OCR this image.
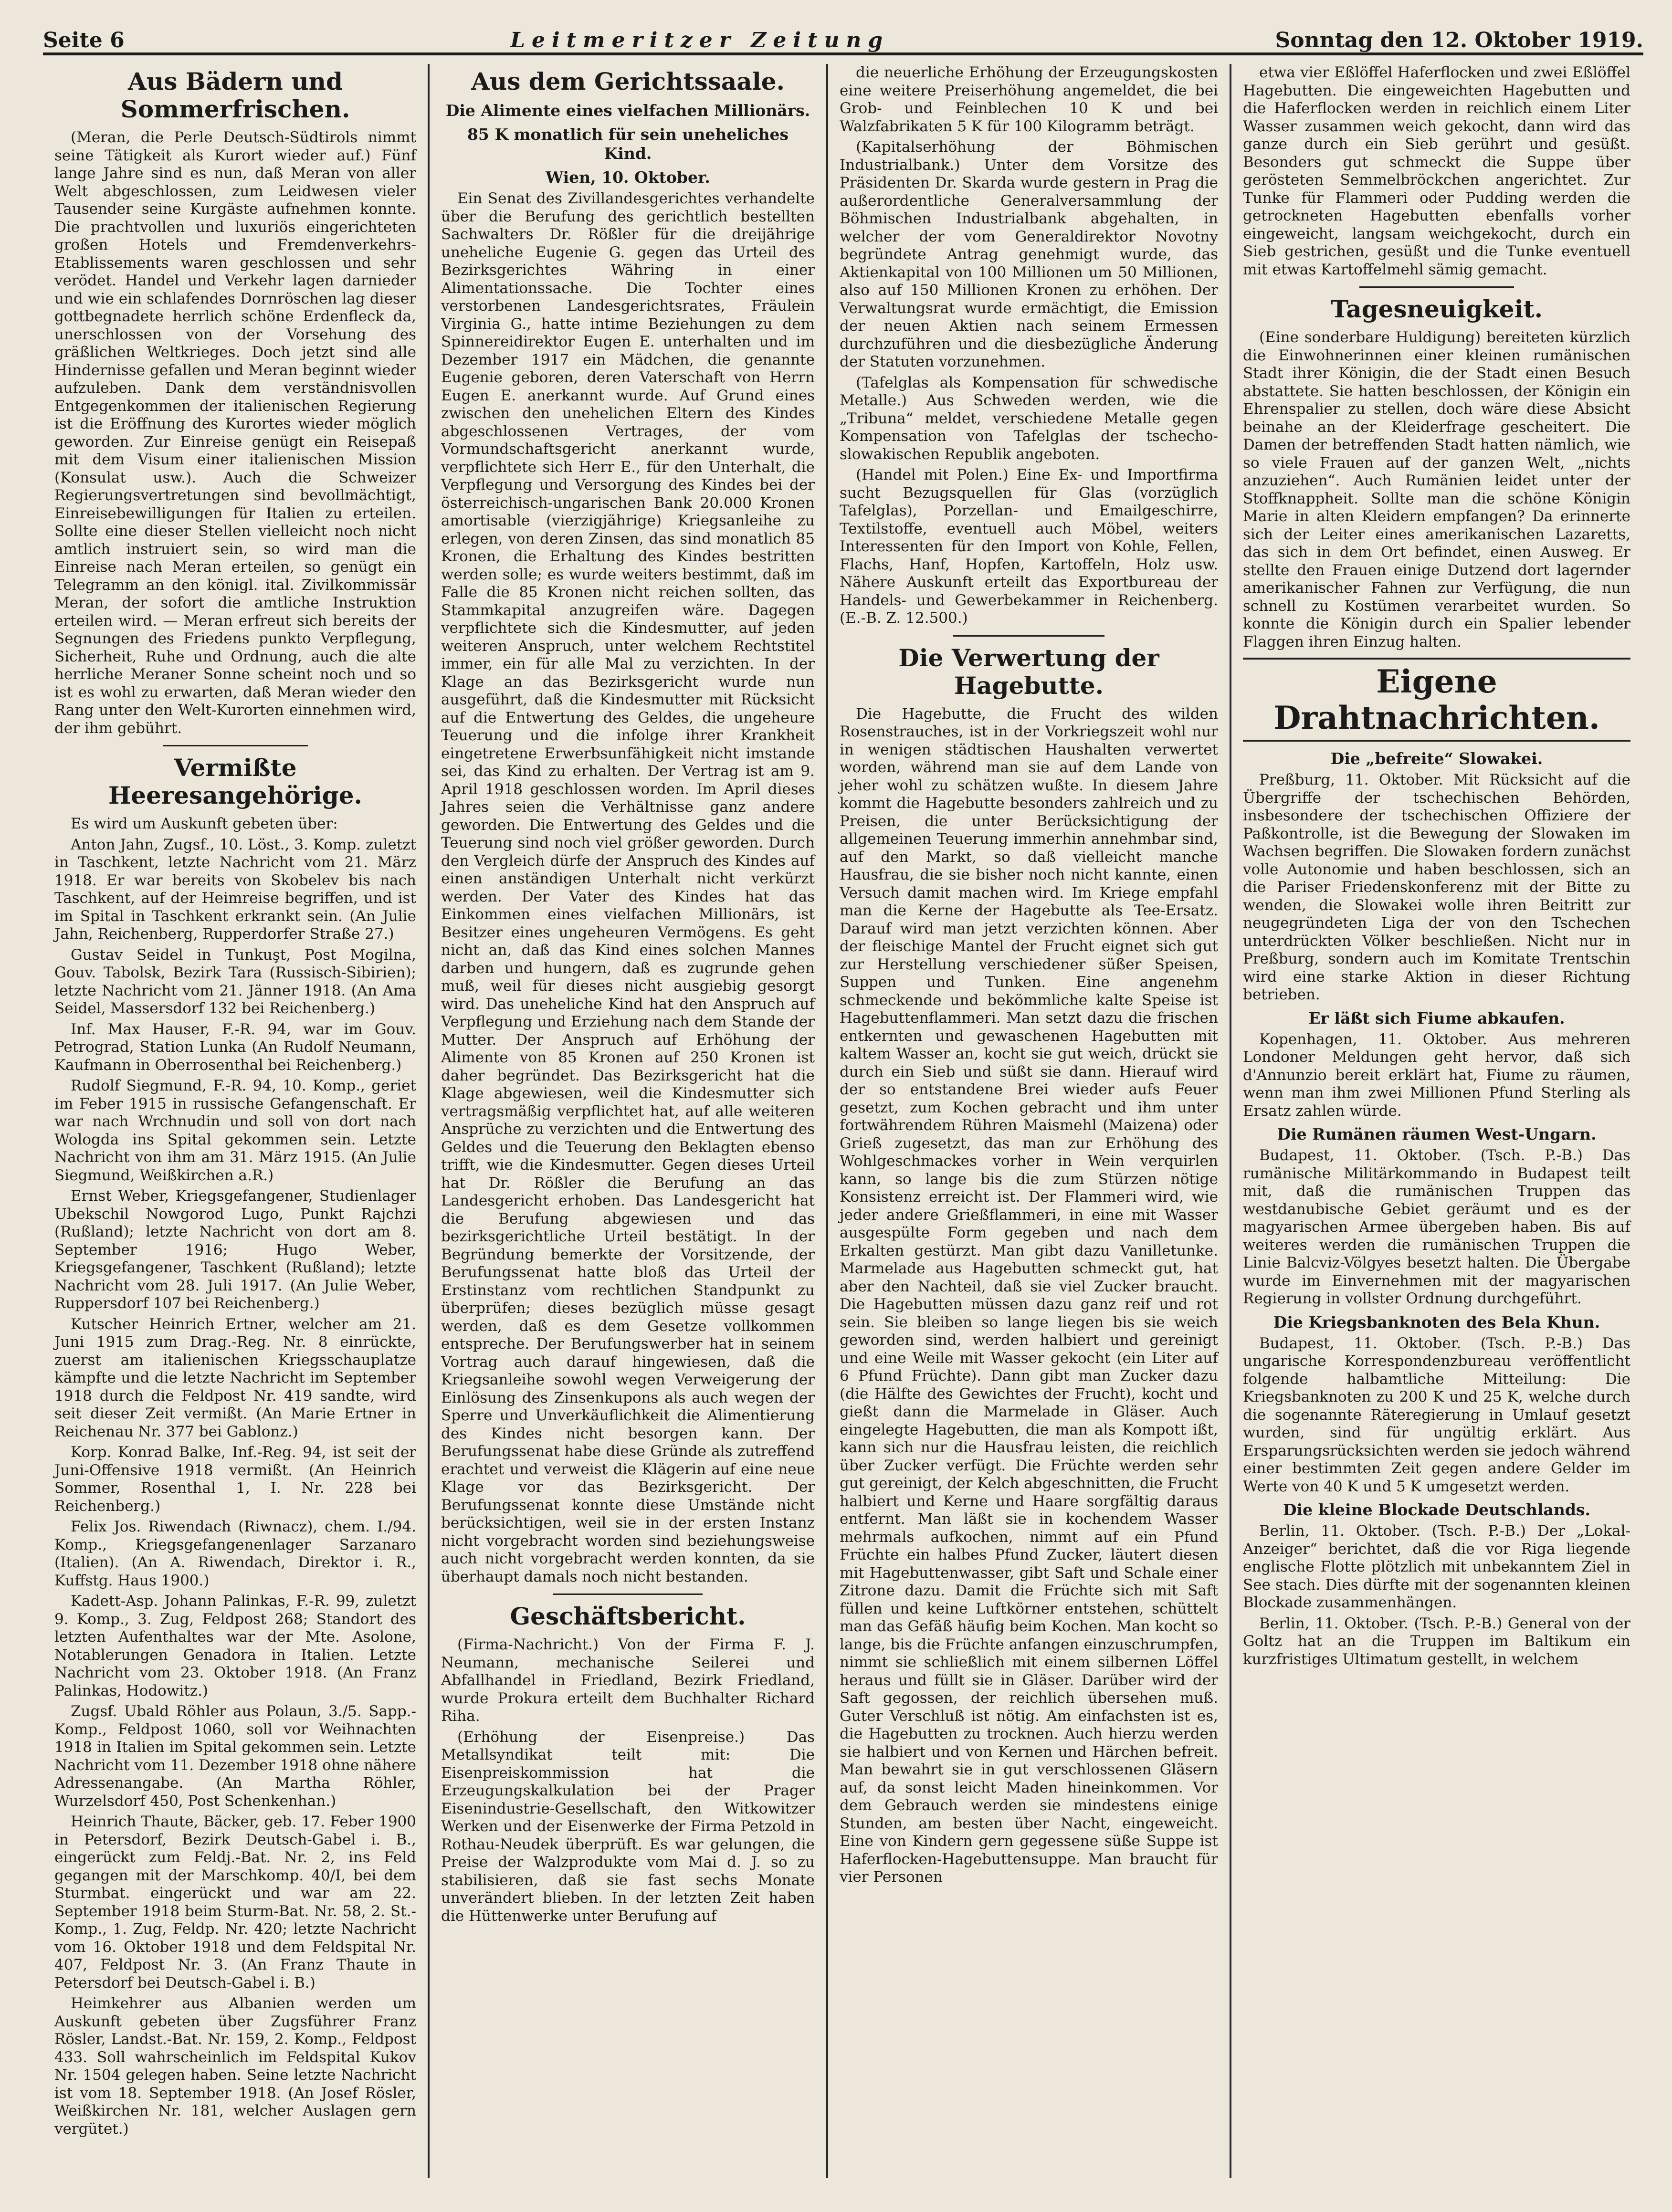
Seite 6	Leitmeritzer Zeitung	Sonntag den 12. Oktober 1919.
Aus Bädern und Sommerfrischen.

(Meran, die Perle Deutsch-Südtirols nimmt seine Tätigkeit als Kurort wieder auf.) Fünf lange Jahre sind es nun, daß Meran von aller Welt abgeschlossen, zum Leidwesen vieler Tausender seine Kurgäste aufnehmen konnte. Die prachtvollen und luxuriös eingerichteten großen Hotels und Fremdenverkehrs-Etablissements waren geschlossen und sehr verödet. Handel und Verkehr lagen darnieder und wie ein schlafendes Dornröschen lag dieser gottbegnadete herrlich schöne Erdenfleck da, unerschlossen von der Vorsehung des gräßlichen Weltkrieges. Doch jetzt sind alle Hindernisse gefallen und Meran beginnt wieder aufzuleben. Dank dem verständnisvollen Entgegenkommen der italienischen Regierung ist die Eröffnung des Kurortes wieder möglich geworden. Zur Einreise genügt ein Reisepaß mit dem Visum einer italienischen Mission (Konsulat usw.). Auch die Schweizer Regierungsvertretungen sind bevollmächtigt, Einreisebewilligungen für Italien zu erteilen. Sollte eine dieser Stellen vielleicht noch nicht amtlich instruiert sein, so wird man die Einreise nach Meran erteilen, so genügt ein Telegramm an den königl. ital. Zivilkommissär Meran, der sofort die amtliche Instruktion erteilen wird. — Meran erfreut sich bereits der Segnungen des Friedens punkto Verpflegung, Sicherheit, Ruhe und Ordnung, auch die alte herrliche Meraner Sonne scheint noch und so ist es wohl zu erwarten, daß Meran wieder den Rang unter den Welt-Kurorten einnehmen wird, der ihm gebührt.

Vermißte Heeresangehörige.

Es wird um Auskunft gebeten über:

Anton Jahn, Zugsf., 10. Löst., 3. Komp. zuletzt in Taschkent, letzte Nachricht vom 21. März 1918. Er war bereits von Skobelev bis nach Taschkent, auf der Heimreise begriffen, und ist im Spital in Taschkent erkrankt sein. (An Julie Jahn, Reichenberg, Rupperdorfer Straße 27.)

Gustav Seidel in Tunkuşt, Post Mogilna, Gouv. Tabolsk, Bezirk Tara (Russisch-Sibirien); letzte Nachricht vom 21. Jänner 1918. (An Ama Seidel, Massersdorf 132 bei Reichenberg.)

Inf. Max Hauser, F.-R. 94, war im Gouv. Petrograd, Station Lunka (An Rudolf Neumann, Kaufmann in Oberrosenthal bei Reichenberg.)

Rudolf Siegmund, F.-R. 94, 10. Komp., geriet im Feber 1915 in russische Gefangenschaft. Er war nach Wrchnudin und soll von dort nach Wologda ins Spital gekommen sein. Letzte Nachricht von ihm am 31. März 1915. (An Julie Siegmund, Weißkirchen a.R.)

Ernst Weber, Kriegsgefangener, Studienlager Ubekschil Nowgorod Lugo, Punkt Rajchzi (Rußland); letzte Nachricht von dort am 8. September 1916; Hugo Weber, Kriegsgefangener, Taschkent (Rußland); letzte Nachricht vom 28. Juli 1917. (An Julie Weber, Ruppersdorf 107 bei Reichenberg.)

Kutscher Heinrich Ertner, welcher am 21. Juni 1915 zum Drag.-Reg. Nr. 8 einrückte, zuerst am italienischen Kriegsschauplatze kämpfte und die letzte Nachricht im September 1918 durch die Feldpost Nr. 419 sandte, wird seit dieser Zeit vermißt. (An Marie Ertner in Reichenau Nr. 377 bei Gablonz.)

Korp. Konrad Balke, Inf.-Reg. 94, ist seit der Juni-Offensive 1918 vermißt. (An Heinrich Sommer, Rosenthal 1, I. Nr. 228 bei Reichenberg.)

Felix Jos. Riwendach (Riwnacz), chem. I./94. Komp., Kriegsgefangenenlager Sarzanaro (Italien). (An A. Riwendach, Direktor i. R., Kuffstg. Haus 1900.)

Kadett-Asp. Johann Palinkas, F.-R. 99, zuletzt 9. Komp., 3. Zug, Feldpost 268; Standort des letzten Aufenthaltes war der Mte. Asolone, Notablerungen Genadora in Italien. Letzte Nachricht vom 23. Oktober 1918. (An Franz Palinkas, Hodowitz.)

Zugsf. Ubald Röhler aus Polaun, 3./5. Sapp.-Komp., Feldpost 1060, soll vor Weihnachten 1918 in Italien im Spital gekommen sein. Letzte Nachricht vom 11. Dezember 1918 ohne nähere Adressenangabe. (An Martha Röhler, Wurzelsdorf 450, Post Schenkenhan.)

Heinrich Thaute, Bäcker, geb. 17. Feber 1900 in Petersdorf, Bezirk Deutsch-Gabel i. B., eingerückt zum Feldj.-Bat. Nr. 2, ins Feld gegangen mit der Marschkomp. 40/I, bei dem Sturmbat. eingerückt und war am 22. September 1918 beim Sturm-Bat. Nr. 58, 2. St.-Komp., 1. Zug, Feldp. Nr. 420; letzte Nachricht vom 16. Oktober 1918 und dem Feldspital Nr. 407, Feldpost Nr. 3. (An Franz Thaute in Petersdorf bei Deutsch-Gabel i. B.)

Heimkehrer aus Albanien werden um Auskunft gebeten über Zugsführer Franz Rösler, Landst.-Bat. Nr. 159, 2. Komp., Feldpost 433. Soll wahrscheinlich im Feldspital Kukov Nr. 1504 gelegen haben. Seine letzte Nachricht ist vom 18. September 1918. (An Josef Rösler, Weißkirchen Nr. 181, welcher Auslagen gern vergütet.)

Aus dem Gerichtssaale.
Die Alimente eines vielfachen Millionärs.
85 K monatlich für sein uneheliches Kind.
Wien, 10. Oktober.

Ein Senat des Zivillandesgerichtes verhandelte über die Berufung des gerichtlich bestellten Sachwalters Dr. Rößler für die dreijährige uneheliche Eugenie G. gegen das Urteil des Bezirksgerichtes Währing in einer Alimentationssache. Die Tochter eines verstorbenen Landesgerichtsrates, Fräulein Virginia G., hatte intime Beziehungen zu dem Spinnereidirektor Eugen E. unterhalten und im Dezember 1917 ein Mädchen, die genannte Eugenie geboren, deren Vaterschaft von Herrn Eugen E. anerkannt wurde. Auf Grund eines zwischen den unehelichen Eltern des Kindes abgeschlossenen Vertrages, der vom Vormundschaftsgericht anerkannt wurde, verpflichtete sich Herr E., für den Unterhalt, die Verpflegung und Versorgung des Kindes bei der österreichisch-ungarischen Bank 20.000 Kronen amortisable (vierzigjährige) Kriegsanleihe zu erlegen, von deren Zinsen, das sind monatlich 85 Kronen, die Erhaltung des Kindes bestritten werden solle; es wurde weiters bestimmt, daß im Falle die 85 Kronen nicht reichen sollten, das Stammkapital anzugreifen wäre. Dagegen verpflichtete sich die Kindesmutter, auf jeden weiteren Anspruch, unter welchem Rechtstitel immer, ein für alle Mal zu verzichten. In der Klage an das Bezirksgericht wurde nun ausgeführt, daß die Kindesmutter mit Rücksicht auf die Entwertung des Geldes, die ungeheure Teuerung und die infolge ihrer Krankheit eingetretene Erwerbsunfähigkeit nicht imstande sei, das Kind zu erhalten. Der Vertrag ist am 9. April 1918 geschlossen worden. Im April dieses Jahres seien die Verhältnisse ganz andere geworden. Die Entwertung des Geldes und die Teuerung sind noch viel größer geworden. Durch den Vergleich dürfe der Anspruch des Kindes auf einen anständigen Unterhalt nicht verkürzt werden. Der Vater des Kindes hat das Einkommen eines vielfachen Millionärs, ist Besitzer eines ungeheuren Vermögens. Es geht nicht an, daß das Kind eines solchen Mannes darben und hungern, daß es zugrunde gehen muß, weil für dieses nicht ausgiebig gesorgt wird. Das uneheliche Kind hat den Anspruch auf Verpflegung und Erziehung nach dem Stande der Mutter. Der Anspruch auf Erhöhung der Alimente von 85 Kronen auf 250 Kronen ist daher begründet. Das Bezirksgericht hat die Klage abgewiesen, weil die Kindesmutter sich vertragsmäßig verpflichtet hat, auf alle weiteren Ansprüche zu verzichten und die Entwertung des Geldes und die Teuerung den Beklagten ebenso trifft, wie die Kindesmutter. Gegen dieses Urteil hat Dr. Rößler die Berufung an das Landesgericht erhoben. Das Landesgericht hat die Berufung abgewiesen und das bezirksgerichtliche Urteil bestätigt. In der Begründung bemerkte der Vorsitzende, der Berufungssenat hatte bloß das Urteil der Erstinstanz vom rechtlichen Standpunkt zu überprüfen; dieses bezüglich müsse gesagt werden, daß es dem Gesetze vollkommen entspreche. Der Berufungswerber hat in seinem Vortrag auch darauf hingewiesen, daß die Kriegsanleihe sowohl wegen Verweigerung der Einlösung des Zinsenkupons als auch wegen der Sperre und Unverkäuflichkeit die Alimentierung des Kindes nicht besorgen kann. Der Berufungssenat habe diese Gründe als zutreffend erachtet und verweist die Klägerin auf eine neue Klage vor das Bezirksgericht. Der Berufungssenat konnte diese Umstände nicht berücksichtigen, weil sie in der ersten Instanz nicht vorgebracht worden sind beziehungsweise auch nicht vorgebracht werden konnten, da sie überhaupt damals noch nicht bestanden.

Geschäftsbericht.

(Firma-Nachricht.) Von der Firma F. J. Neumann, mechanische Seilerei und Abfallhandel in Friedland, Bezirk Friedland, wurde Prokura erteilt dem Buchhalter Richard Riha.

(Erhöhung der Eisenpreise.) Das Metallsyndikat teilt mit: Die Eisenpreiskommission hat die Erzeugungskalkulation bei der Prager Eisenindustrie-Gesellschaft, den Witkowitzer Werken und der Eisenwerke der Firma Petzold in Rothau-Neudek überprüft. Es war gelungen, die Preise der Walzprodukte vom Mai d. J. so zu stabilisieren, daß sie fast sechs Monate unverändert blieben. In der letzten Zeit haben die Hüttenwerke unter Berufung auf

die neuerliche Erhöhung der Erzeugungskosten eine weitere Preiserhöhung angemeldet, die bei Grob- und Feinblechen 10 K und bei Walzfabrikaten 5 K für 100 Kilogramm beträgt.

(Kapitalserhöhung der Böhmischen Industrialbank.) Unter dem Vorsitze des Präsidenten Dr. Skarda wurde gestern in Prag die außerordentliche Generalversammlung der Böhmischen Industrialbank abgehalten, in welcher der vom Generaldirektor Novotny begründete Antrag genehmigt wurde, das Aktienkapital von 100 Millionen um 50 Millionen, also auf 150 Millionen Kronen zu erhöhen. Der Verwaltungsrat wurde ermächtigt, die Emission der neuen Aktien nach seinem Ermessen durchzuführen und die diesbezügliche Änderung der Statuten vorzunehmen.

(Tafelglas als Kompensation für schwedische Metalle.) Aus Schweden werden, wie die „Tribuna“ meldet, verschiedene Metalle gegen Kompensation von Tafelglas der tschecho-slowakischen Republik angeboten.

(Handel mit Polen.) Eine Ex- und Importfirma sucht Bezugsquellen für Glas (vorzüglich Tafelglas), Porzellan- und Emailgeschirre, Textilstoffe, eventuell auch Möbel, weiters Interessenten für den Import von Kohle, Fellen, Flachs, Hanf, Hopfen, Kartoffeln, Holz usw. Nähere Auskunft erteilt das Exportbureau der Handels- und Gewerbekammer in Reichenberg. (E.-B. Z. 12.500.)

Die Verwertung der Hagebutte.

Die Hagebutte, die Frucht des wilden Rosenstrauches, ist in der Vorkriegszeit wohl nur in wenigen städtischen Haushalten verwertet worden, während man sie auf dem Lande von jeher wohl zu schätzen wußte. In diesem Jahre kommt die Hagebutte besonders zahlreich und zu Preisen, die unter Berücksichtigung der allgemeinen Teuerung immerhin annehmbar sind, auf den Markt, so daß vielleicht manche Hausfrau, die sie bisher noch nicht kannte, einen Versuch damit machen wird. Im Kriege empfahl man die Kerne der Hagebutte als Tee-Ersatz. Darauf wird man jetzt verzichten können. Aber der fleischige Mantel der Frucht eignet sich gut zur Herstellung verschiedener süßer Speisen, Suppen und Tunken. Eine angenehm schmeckende und bekömmliche kalte Speise ist Hagebuttenflammeri. Man setzt dazu die frischen entkernten und gewaschenen Hagebutten mit kaltem Wasser an, kocht sie gut weich, drückt sie durch ein Sieb und süßt sie dann. Hierauf wird der so entstandene Brei wieder aufs Feuer gesetzt, zum Kochen gebracht und ihm unter fortwährendem Rühren Maismehl (Maizena) oder Grieß zugesetzt, das man zur Erhöhung des Wohlgeschmackes vorher in Wein verquirlen kann, so lange bis die zum Stürzen nötige Konsistenz erreicht ist. Der Flammeri wird, wie jeder andere Grießflammeri, in eine mit Wasser ausgespülte Form gegeben und nach dem Erkalten gestürzt. Man gibt dazu Vanilletunke. Marmelade aus Hagebutten schmeckt gut, hat aber den Nachteil, daß sie viel Zucker braucht. Die Hagebutten müssen dazu ganz reif und rot sein. Sie bleiben so lange liegen bis sie weich geworden sind, werden halbiert und gereinigt und eine Weile mit Wasser gekocht (ein Liter auf 6 Pfund Früchte). Dann gibt man Zucker dazu (die Hälfte des Gewichtes der Frucht), kocht und gießt dann die Marmelade in Gläser. Auch eingelegte Hagebutten, die man als Kompott ißt, kann sich nur die Hausfrau leisten, die reichlich über Zucker verfügt. Die Früchte werden sehr gut gereinigt, der Kelch abgeschnitten, die Frucht halbiert und Kerne und Haare sorgfältig daraus entfernt. Man läßt sie in kochendem Wasser mehrmals aufkochen, nimmt auf ein Pfund Früchte ein halbes Pfund Zucker, läutert diesen mit Hagebuttenwasser, gibt Saft und Schale einer Zitrone dazu. Damit die Früchte sich mit Saft füllen und keine Luftkörner entstehen, schüttelt man das Gefäß häufig beim Kochen. Man kocht so lange, bis die Früchte anfangen einzuschrumpfen, nimmt sie schließlich mit einem silbernen Löffel heraus und füllt sie in Gläser. Darüber wird der Saft gegossen, der reichlich übersehen muß. Guter Verschluß ist nötig. Am einfachsten ist es, die Hagebutten zu trocknen. Auch hierzu werden sie halbiert und von Kernen und Härchen befreit. Man bewahrt sie in gut verschlossenen Gläsern auf, da sonst leicht Maden hineinkommen. Vor dem Gebrauch werden sie mindestens einige Stunden, am besten über Nacht, eingeweicht. Eine von Kindern gern gegessene süße Suppe ist Haferflocken-Hagebuttensuppe. Man braucht für vier Personen

etwa vier Eßlöffel Haferflocken und zwei Eßlöffel Hagebutten. Die eingeweichten Hagebutten und die Haferflocken werden in reichlich einem Liter Wasser zusammen weich gekocht, dann wird das ganze durch ein Sieb gerührt und gesüßt. Besonders gut schmeckt die Suppe über gerösteten Semmelbröckchen angerichtet. Zur Tunke für Flammeri oder Pudding werden die getrockneten Hagebutten ebenfalls vorher eingeweicht, langsam weichgekocht, durch ein Sieb gestrichen, gesüßt und die Tunke eventuell mit etwas Kartoffelmehl sämig gemacht.

Tagesneuigkeit.

(Eine sonderbare Huldigung) bereiteten kürzlich die Einwohnerinnen einer kleinen rumänischen Stadt ihrer Königin, die der Stadt einen Besuch abstattete. Sie hatten beschlossen, der Königin ein Ehrenspalier zu stellen, doch wäre diese Absicht beinahe an der Kleiderfrage gescheitert. Die Damen der betreffenden Stadt hatten nämlich, wie so viele Frauen auf der ganzen Welt, „nichts anzuziehen“. Auch Rumänien leidet unter der Stoffknappheit. Sollte man die schöne Königin Marie in alten Kleidern empfangen? Da erinnerte sich der Leiter eines amerikanischen Lazaretts, das sich in dem Ort befindet, einen Ausweg. Er stellte den Frauen einige Dutzend dort lagernder amerikanischer Fahnen zur Verfügung, die nun schnell zu Kostümen verarbeitet wurden. So konnte die Königin durch ein Spalier lebender Flaggen ihren Einzug halten.

Eigene Drahtnachrichten.
Die „befreite“ Slowakei.

Preßburg, 11. Oktober. Mit Rücksicht auf die Übergriffe der tschechischen Behörden, insbesondere der tschechischen Offiziere der Paßkontrolle, ist die Bewegung der Slowaken im Wachsen begriffen. Die Slowaken fordern zunächst volle Autonomie und haben beschlossen, sich an die Pariser Friedenskonferenz mit der Bitte zu wenden, die Slowakei wolle ihren Beitritt zur neugegründeten Liga der von den Tschechen unterdrückten Völker beschließen. Nicht nur in Preßburg, sondern auch im Komitate Trentschin wird eine starke Aktion in dieser Richtung betrieben.

Er läßt sich Fiume abkaufen.

Kopenhagen, 11. Oktober. Aus mehreren Londoner Meldungen geht hervor, daß sich d'Annunzio bereit erklärt hat, Fiume zu räumen, wenn man ihm zwei Millionen Pfund Sterling als Ersatz zahlen würde.

Die Rumänen räumen West-Ungarn.

Budapest, 11. Oktober. (Tsch. P.-B.) Das rumänische Militärkommando in Budapest teilt mit, daß die rumänischen Truppen das westdanubische Gebiet geräumt und es der magyarischen Armee übergeben haben. Bis auf weiteres werden die rumänischen Truppen die Linie Balcviz-Völgyes besetzt halten. Die Übergabe wurde im Einvernehmen mit der magyarischen Regierung in vollster Ordnung durchgeführt.

Die Kriegsbanknoten des Bela Khun.

Budapest, 11. Oktober. (Tsch. P.-B.) Das ungarische Korrespondenzbureau veröffentlicht folgende halbamtliche Mitteilung: Die Kriegsbanknoten zu 200 K und 25 K, welche durch die sogenannte Räteregierung in Umlauf gesetzt wurden, sind für ungültig erklärt. Aus Ersparungsrücksichten werden sie jedoch während einer bestimmten Zeit gegen andere Gelder im Werte von 40 K und 5 K umgesetzt werden.

Die kleine Blockade Deutschlands.

Berlin, 11. Oktober. (Tsch. P.-B.) Der „Lokal-Anzeiger“ berichtet, daß die vor Riga liegende englische Flotte plötzlich mit unbekanntem Ziel in See stach. Dies dürfte mit der sogenannten kleinen Blockade zusammenhängen.

Berlin, 11. Oktober. (Tsch. P.-B.) General von der Goltz hat an die Truppen im Baltikum ein kurzfristiges Ultimatum gestellt, in welchem
